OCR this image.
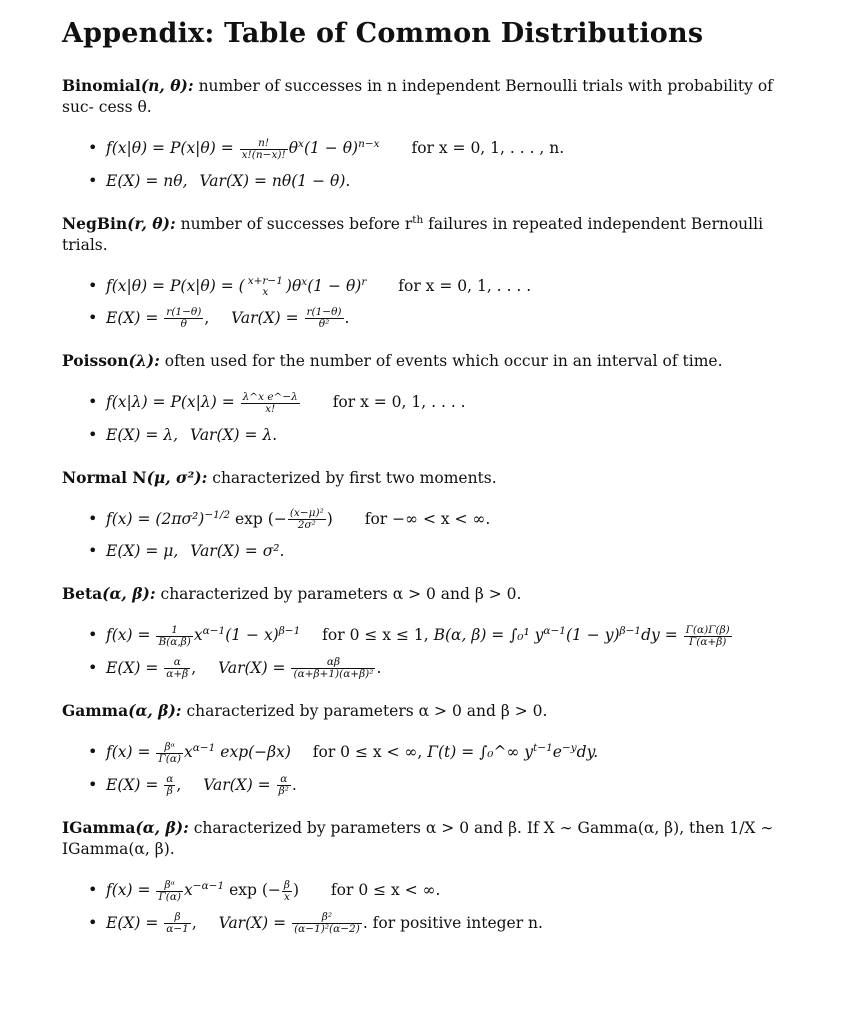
Appendix: Table of Common Distributions

Binomial(n, θ): number of successes in n independent Bernoulli trials with probability of suc- cess θ.

• $f(x|\theta) = P(x|\theta) = \frac{n!}{x!(n-x)!} \theta^x(1 - \theta)^{n-x}$ for x = 0, 1, . . . , n.
• E(X) = nθ, Var(X) = nθ(1 − θ).

NegBin(r, θ): number of successes before $r^{th}$ failures in repeated independent Bernoulli trials.

• f(x|θ) = P(x|θ) = ( x+r−1
x	)$\theta^x(1 - \theta)^r$ for x = 0, 1, . . . .
• $E(X) = \frac{r(1-\theta)}{\theta}$ ,  $Var(X) = \frac{r(1-\theta)}{\text{θ²}}$ .

Poisson(λ): often used for the number of events which occur in an interval of time.

• $f(x|\lambda) = P(x|\lambda) = \frac{\text{λ\textasciicircum{}x e\textasciicircum{}−λ}}{x!}$ for x = 0, 1, . . . .
• E(X) = λ, Var(X) = λ.

Normal N(μ, σ²): characterized by first two moments.

• $f(x) = (2\pi\sigma^2)^{-1/2}$ exp (− $\frac{\text{(x−μ)²}}{\text{2σ²}}$ ) for −∞ < x < ∞.
• E(X) = μ, Var(X) = σ².

Beta(α, β): characterized by parameters α > 0 and β > 0.

• $f(x) = \frac{1}{B(\alpha,\beta)} x^{\alpha-1}(1 - x)^{\beta-1}$ for 0 ≤ x ≤ 1, B(α, β) = ∫₀¹ $y^{\alpha-1}(1 - y)^{\beta-1}dy = \frac{\Gamma(\alpha)\Gamma(\beta)}{\Gamma(\alpha+\beta)}$
• $E(X) = \frac{\alpha}{\alpha+\beta}$ ,  $Var(X) = \frac{\alpha\beta}{\text{(α+β+1)(α+β)²}}$ .

Gamma(α, β): characterized by parameters α > 0 and β > 0.

• $f(x) = \frac{\text{βᵅ}}{\Gamma(\alpha)} x^{\alpha-1}$ exp(−βx) for 0 ≤ x < ∞, Γ(t) = ∫₀^∞ $y^{t-1}e^{-y}dy$.
• $E(X) = \frac{\alpha}{\beta}$ ,  $Var(X) = \frac{\alpha}{\text{β²}}$ .

IGamma(α, β): characterized by parameters α > 0 and β. If X ∼ Gamma(α, β), then 1/X ∼ IGamma(α, β).

• $f(x) = \frac{\text{βᵅ}}{\Gamma(\alpha)} x^{-\alpha-1}$ exp (− $\frac{\beta}{x}$ ) for 0 ≤ x < ∞.
• $E(X) = \frac{\beta}{\alpha-1}$ ,  $Var(X) = \frac{\text{β²}}{\text{(α−1)²(α−2)}}$ . for positive integer n.
